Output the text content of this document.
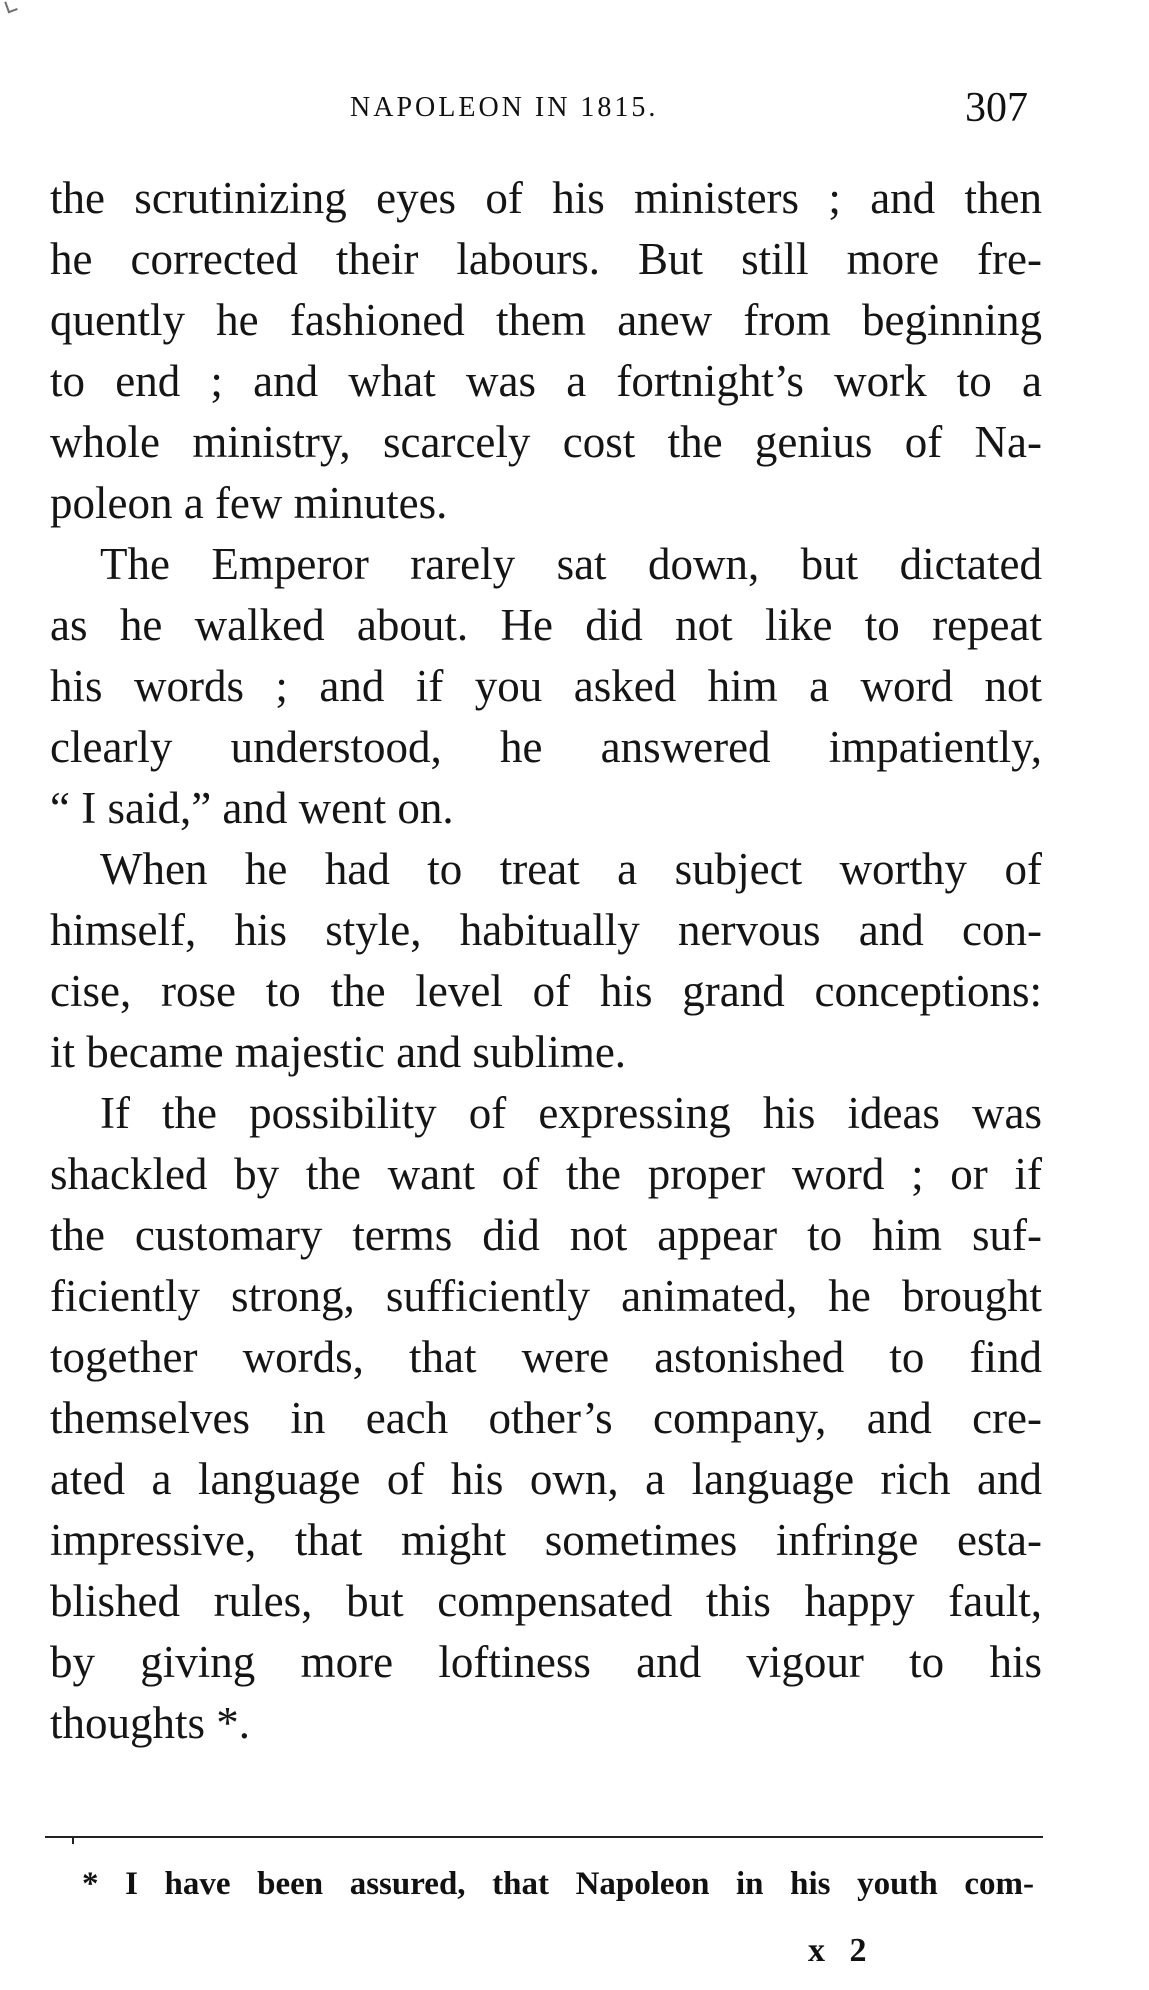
NAPOLEON IN 1815.	307
the scrutinizing eyes of his ministers ; and then
he corrected their labours. But still more fre-
quently he fashioned them anew from beginning
to end ; and what was a fortnight’s work to a
whole ministry, scarcely cost the genius of Na-
poleon a few minutes.
The Emperor rarely sat down, but dictated
as he walked about. He did not like to repeat
his words ; and if you asked him a word not
clearly understood, he answered impatiently,
“ I said,” and went on.
When he had to treat a subject worthy of
himself, his style, habitually nervous and con-
cise, rose to the level of his grand conceptions:
it became majestic and sublime.
If the possibility of expressing his ideas was
shackled by the want of the proper word ; or if
the customary terms did not appear to him suf-
ficiently strong, sufficiently animated, he brought
together words, that were astonished to find
themselves in each other’s company, and cre-
ated a language of his own, a language rich and
impressive, that might sometimes infringe esta-
blished rules, but compensated this happy fault,
by giving more loftiness and vigour to his
thoughts *.
* I have been assured, that Napoleon in his youth com-
x 2
